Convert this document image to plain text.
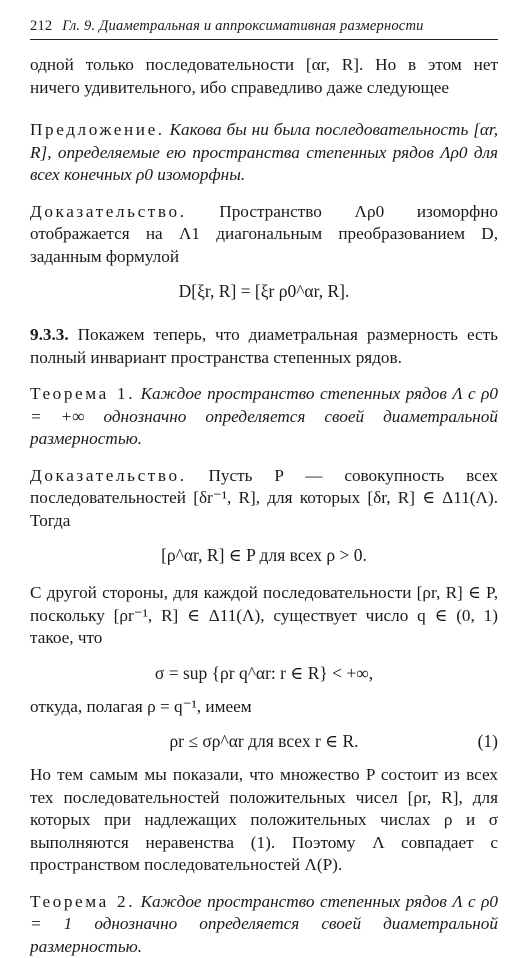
212 Гл. 9. Диаметральная и аппроксимативная размерности

одной только последовательности [αr, R]. Но в этом нет
ничего удивительного, ибо справедливо даже следующее

Предложение. Какова бы ни была последовательность [αr, R], определяемые ею пространства степенных рядов Λρ0 для всех конечных ρ0 изоморфны.

Доказательство. Пространство Λρ0 изоморфно отображается на Λ1 диагональным преобразованием D, заданным формулой

D[ξr, R] = [ξr ρ0^αr, R].

9.3.3. Покажем теперь, что диаметральная размерность есть полный инвариант пространства степенных рядов.

Теорема 1. Каждое пространство степенных рядов Λ с ρ0 = +∞ однозначно определяется своей диаметральной размерностью.

Доказательство. Пусть P — совокупность всех последовательностей [δr⁻¹, R], для которых [δr, R] ∈ Δ11(Λ). Тогда

[ρ^αr, R] ∈ P для всех ρ > 0.

С другой стороны, для каждой последовательности [ρr, R] ∈ P, поскольку [ρr⁻¹, R] ∈ Δ11(Λ), существует число q ∈ (0, 1) такое, что

σ = sup {ρr q^αr: r ∈ R} < +∞,

откуда, полагая ρ = q⁻¹, имеем

ρr ≤ σρ^αr для всех r ∈ R.	(1)

Но тем самым мы показали, что множество P состоит из всех тех последовательностей положительных чисел [ρr, R], для которых при надлежащих положительных числах ρ и σ выполняются неравенства (1). Поэтому Λ совпадает с пространством последовательностей Λ(P).

Теорема 2. Каждое пространство степенных рядов Λ с ρ0 = 1 однозначно определяется своей диаметральной размерностью.
